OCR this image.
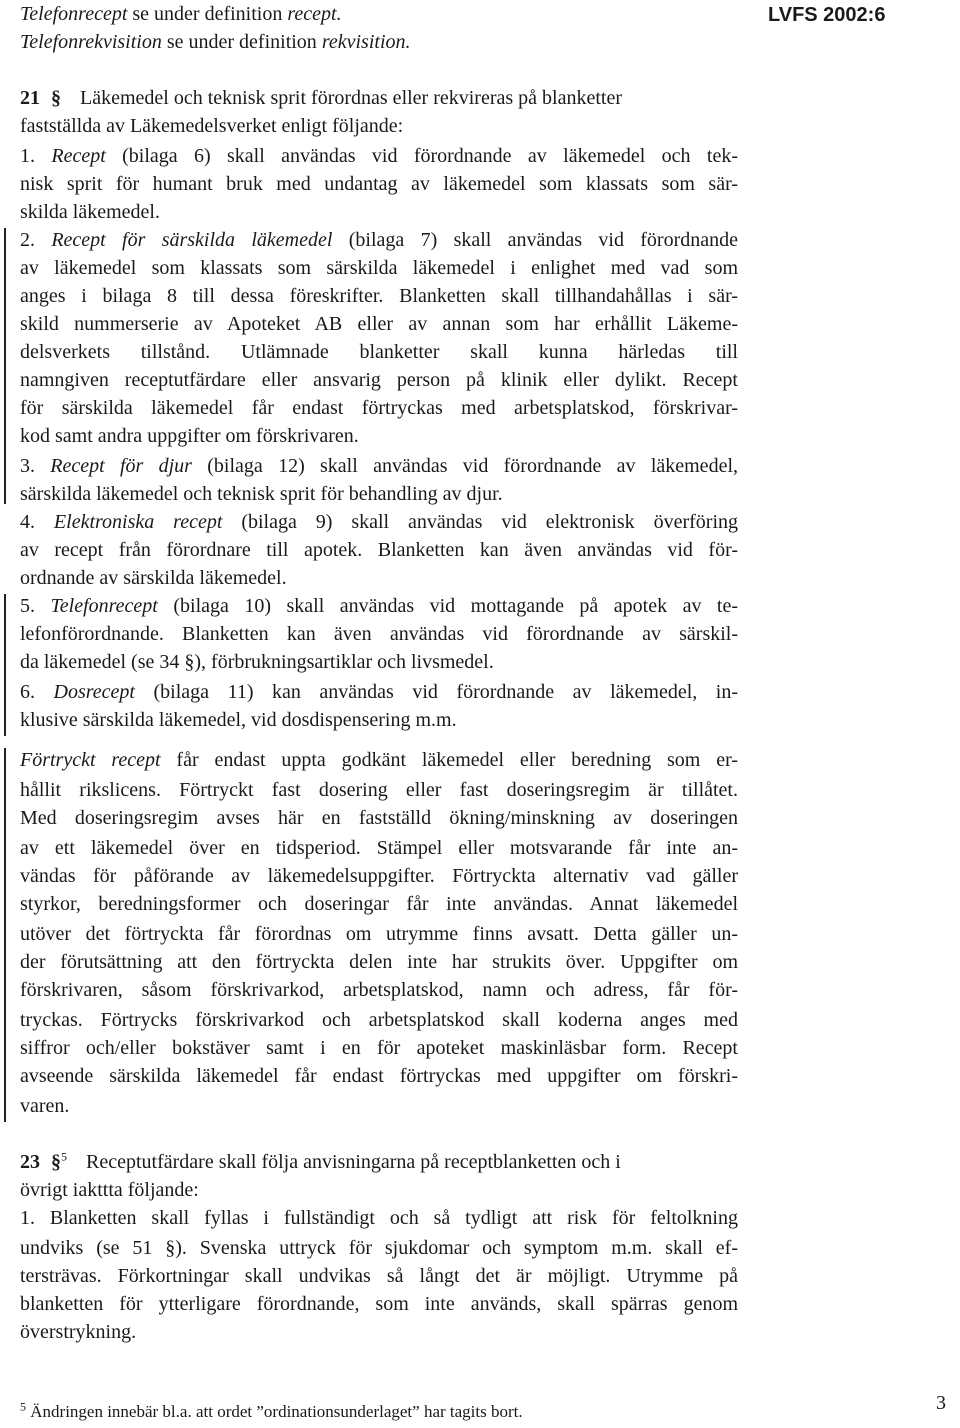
Telefonrecept se under definition recept.
Telefonrekvisition se under definition rekvisition.
LVFS 2002:6
21 § Läkemedel och teknisk sprit förordnas eller rekvireras på blanketter
fastställda av Läkemedelsverket enligt följande:
1. Recept (bilaga 6) skall användas vid förordnande av läkemedel och tek-
nisk sprit för humant bruk med undantag av läkemedel som klassats som sär-
skilda läkemedel.
2. Recept för särskilda läkemedel (bilaga 7) skall användas vid förordnande
av läkemedel som klassats som särskilda läkemedel i enlighet med vad som
anges i bilaga 8 till dessa föreskrifter. Blanketten skall tillhandahållas i sär-
skild nummerserie av Apoteket AB eller av annan som har erhållit Läkeme-
delsverkets tillstånd. Utlämnade blanketter skall kunna härledas till
namngiven receptutfärdare eller ansvarig person på klinik eller dylikt. Recept
för särskilda läkemedel får endast förtryckas med arbetsplatskod, förskrivar-
kod samt andra uppgifter om förskrivaren.
3. Recept för djur (bilaga 12) skall användas vid förordnande av läkemedel,
särskilda läkemedel och teknisk sprit för behandling av djur.
4. Elektroniska recept (bilaga 9) skall användas vid elektronisk överföring
av recept från förordnare till apotek. Blanketten kan även användas vid för-
ordnande av särskilda läkemedel.
5. Telefonrecept (bilaga 10) skall användas vid mottagande på apotek av te-
lefonförordnande. Blanketten kan även användas vid förordnande av särskil-
da läkemedel (se 34 §), förbrukningsartiklar och livsmedel.
6. Dosrecept (bilaga 11) kan användas vid förordnande av läkemedel, in-
klusive särskilda läkemedel, vid dosdispensering m.m.
Förtryckt recept får endast uppta godkänt läkemedel eller beredning som er-
hållit rikslicens. Förtryckt fast dosering eller fast doseringsregim är tillåtet.
Med doseringsregim avses här en fastställd ökning/minskning av doseringen
av ett läkemedel över en tidsperiod. Stämpel eller motsvarande får inte an-
vändas för påförande av läkemedelsuppgifter. Förtryckta alternativ vad gäller
styrkor, beredningsformer och doseringar får inte användas. Annat läkemedel
utöver det förtryckta får förordnas om utrymme finns avsatt. Detta gäller un-
der förutsättning att den förtryckta delen inte har strukits över. Uppgifter om
förskrivaren, såsom förskrivarkod, arbetsplatskod, namn och adress, får för-
tryckas. Förtrycks förskrivarkod och arbetsplatskod skall koderna anges med
siffror och/eller bokstäver samt i en för apoteket maskinläsbar form. Recept
avseende särskilda läkemedel får endast förtryckas med uppgifter om förskri-
varen.
23 §$^5$ Receptutfärdare skall följa anvisningarna på receptblanketten och i
övrigt iakttta följande:
1. Blanketten skall fyllas i fullständigt och så tydligt att risk för feltolkning
undviks (se 51 §). Svenska uttryck för sjukdomar och symptom m.m. skall ef-
tersträvas. Förkortningar skall undvikas så långt det är möjligt. Utrymme på
blanketten för ytterligare förordnande, som inte används, skall spärras genom
överstrykning.
$^5$ Ändringen innebär bl.a. att ordet ”ordinationsunderlaget” har tagits bort.	3
